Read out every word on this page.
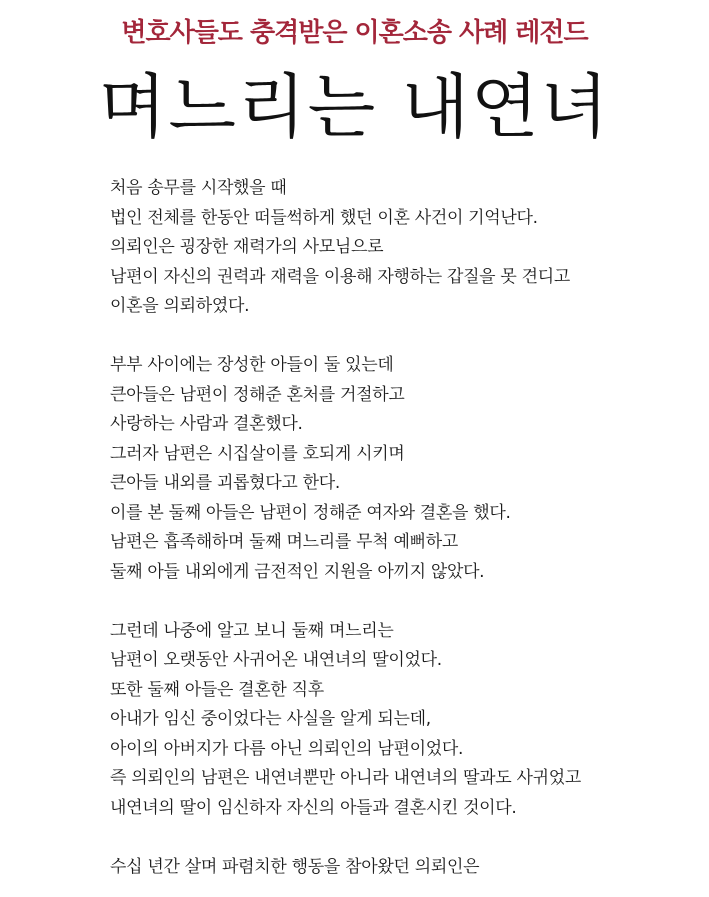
변호사들도 충격받은 이혼소송 사례 레전드
며느리는 내연녀
처음 송무를 시작했을 때
법인 전체를 한동안 떠들썩하게 했던 이혼 사건이 기억난다.
의뢰인은 굉장한 재력가의 사모님으로
남편이 자신의 권력과 재력을 이용해 자행하는 갑질을 못 견디고
이혼을 의뢰하였다.
부부 사이에는 장성한 아들이 둘 있는데
큰아들은 남편이 정해준 혼처를 거절하고
사랑하는 사람과 결혼했다.
그러자 남편은 시집살이를 호되게 시키며
큰아들 내외를 괴롭혔다고 한다.
이를 본 둘째 아들은 남편이 정해준 여자와 결혼을 했다.
남편은 흡족해하며 둘째 며느리를 무척 예뻐하고
둘째 아들 내외에게 금전적인 지원을 아끼지 않았다.
그런데 나중에 알고 보니 둘째 며느리는
남편이 오랫동안 사귀어온 내연녀의 딸이었다.
또한 둘째 아들은 결혼한 직후
아내가 임신 중이었다는 사실을 알게 되는데,
아이의 아버지가 다름 아닌 의뢰인의 남편이었다.
즉 의뢰인의 남편은 내연녀뿐만 아니라 내연녀의 딸과도 사귀었고
내연녀의 딸이 임신하자 자신의 아들과 결혼시킨 것이다.
수십 년간 살며 파렴치한 행동을 참아왔던 의뢰인은
